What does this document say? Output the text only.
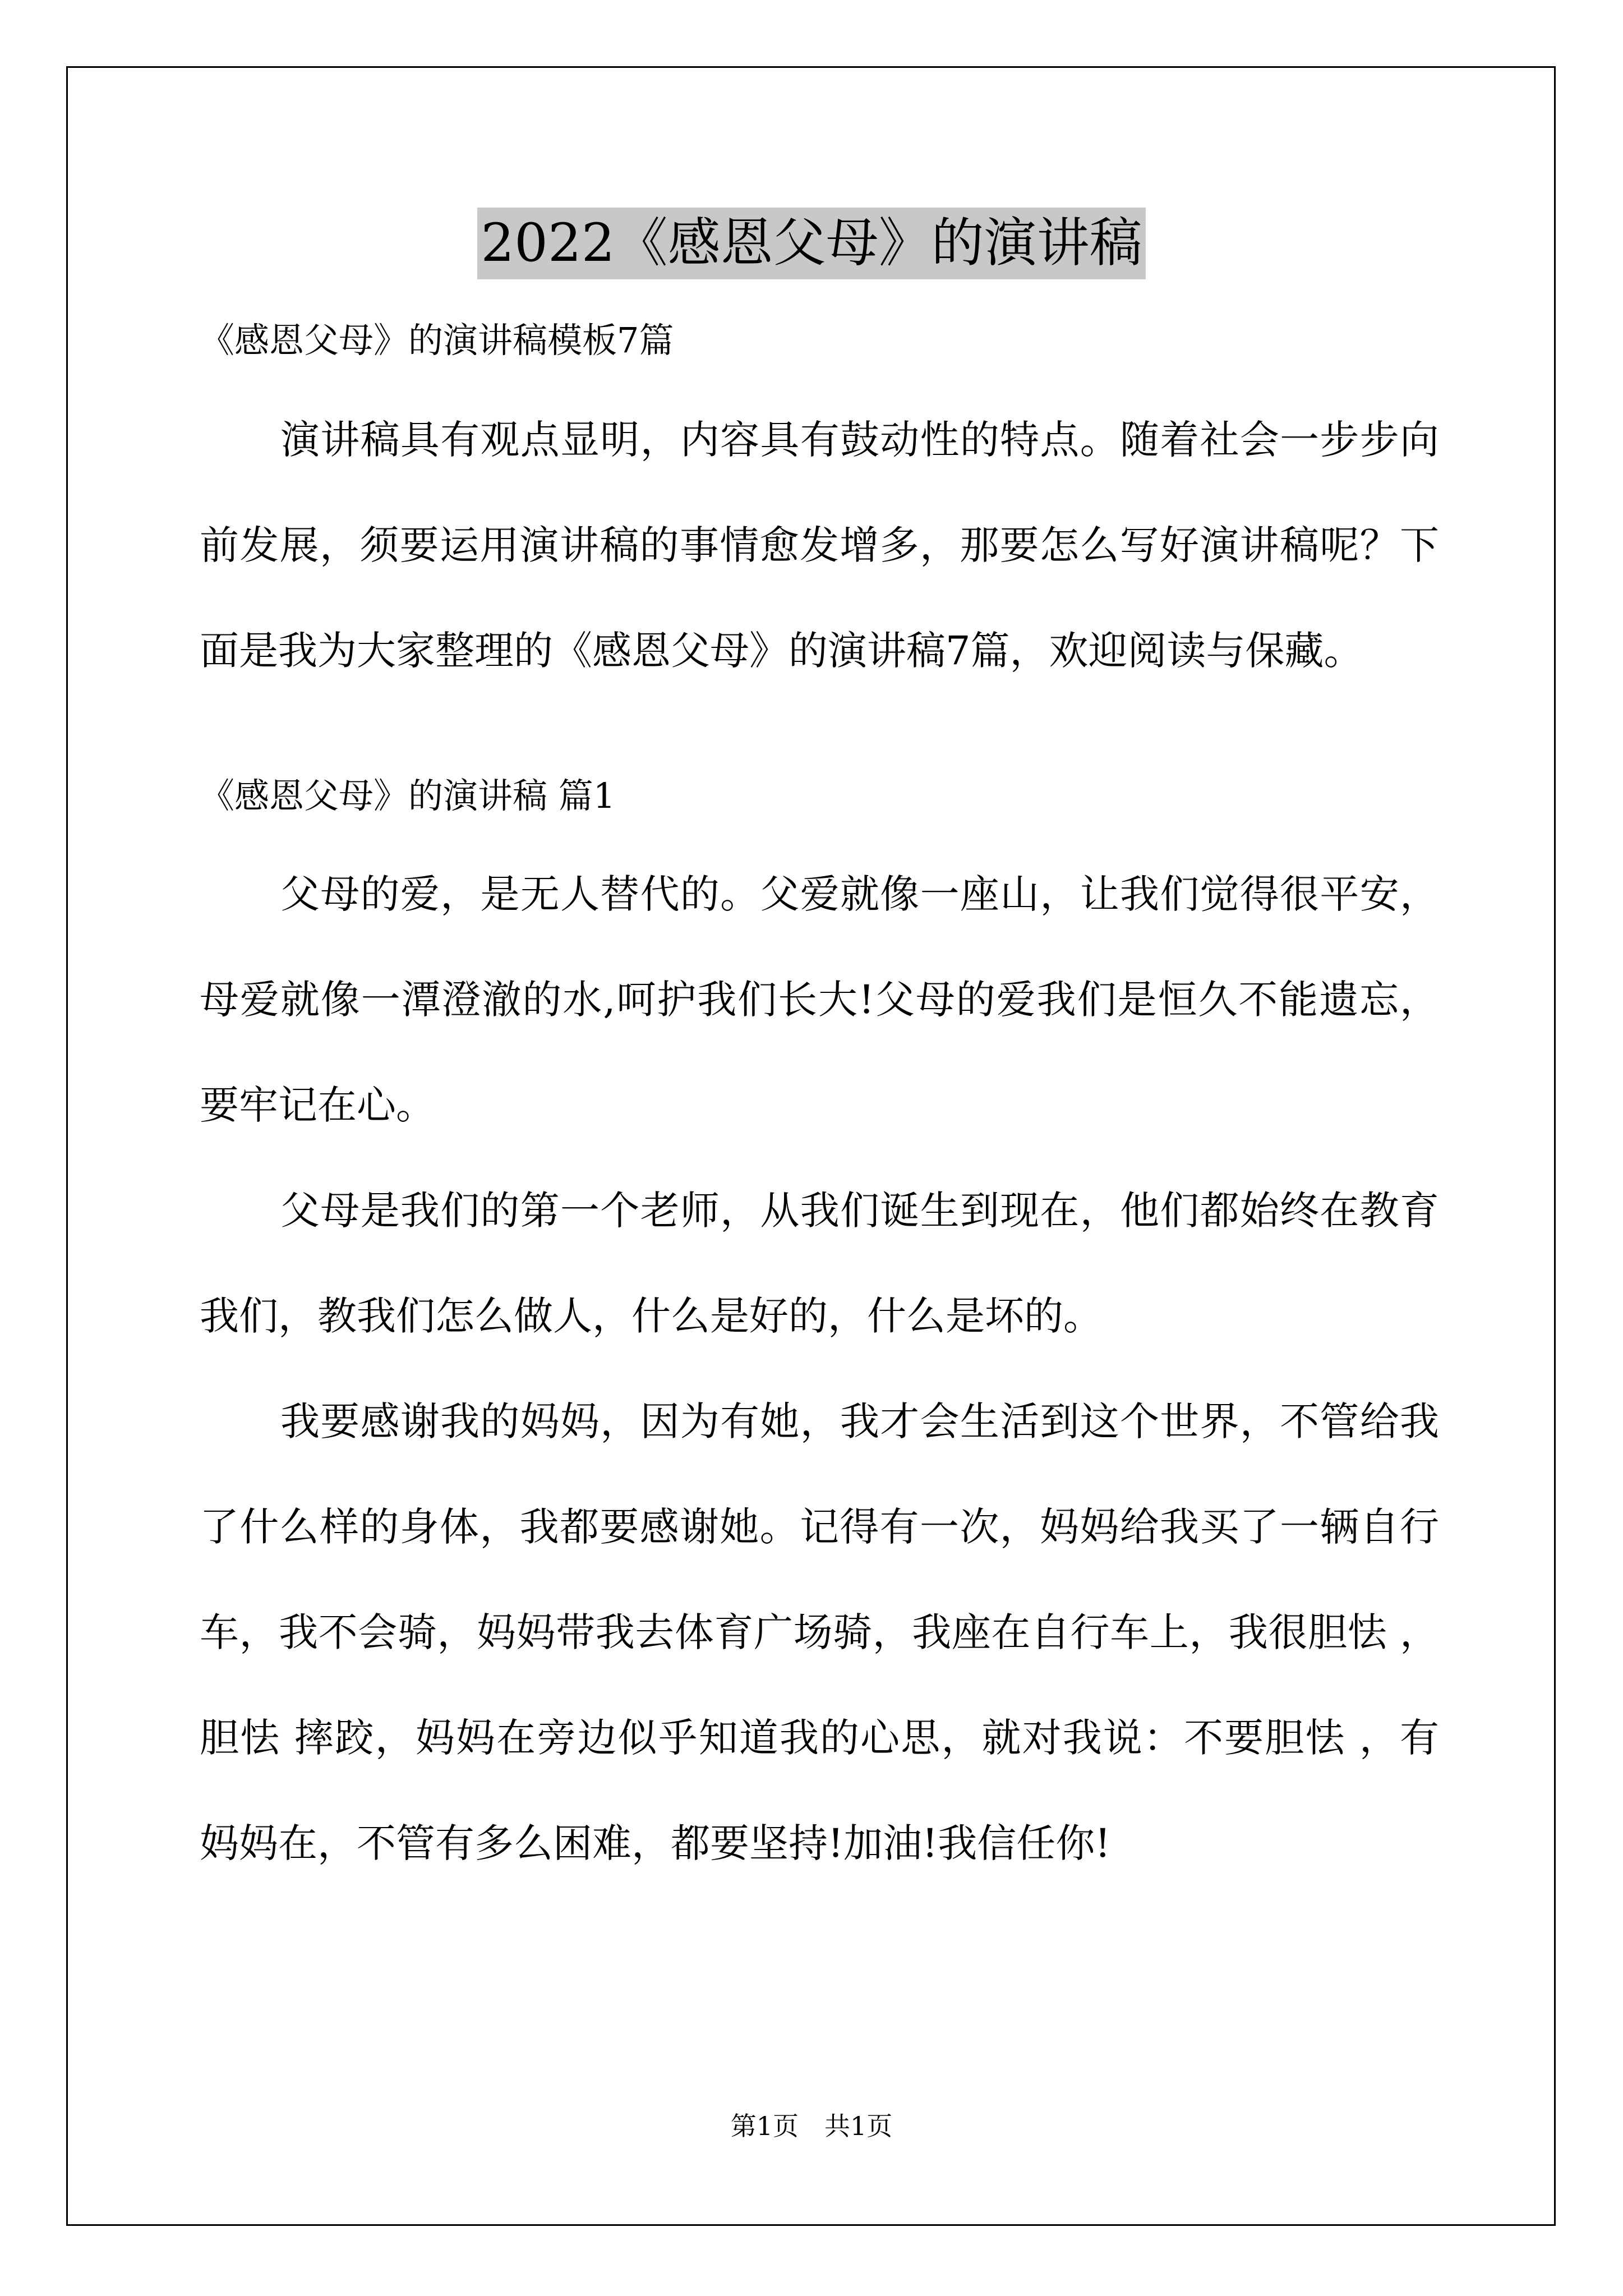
2022《感恩父母》的演讲稿

《感恩父母》的演讲稿模板7篇

演讲稿具有观点显明，内容具有鼓动性的特点。随着社会一步步向前发展，须要运用演讲稿的事情愈发增多，那要怎么写好演讲稿呢？下面是我为大家整理的《感恩父母》的演讲稿7篇，欢迎阅读与保藏。

《感恩父母》的演讲稿 篇1

父母的爱，是无人替代的。父爱就像一座山，让我们觉得很平安，母爱就像一潭澄澈的水,呵护我们长大!父母的爱我们是恒久不能遗忘，要牢记在心。

父母是我们的第一个老师，从我们诞生到现在，他们都始终在教育我们，教我们怎么做人，什么是好的，什么是坏的。

我要感谢我的妈妈，因为有她，我才会生活到这个世界，不管给我了什么样的身体，我都要感谢她。记得有一次，妈妈给我买了一辆自行车，我不会骑，妈妈带我去体育广场骑，我座在自行车上，我很胆怯 ，胆怯 摔跤，妈妈在旁边似乎知道我的心思，就对我说：不要胆怯 ，有妈妈在，不管有多么困难，都要坚持!加油!我信任你!

第1页　共1页
